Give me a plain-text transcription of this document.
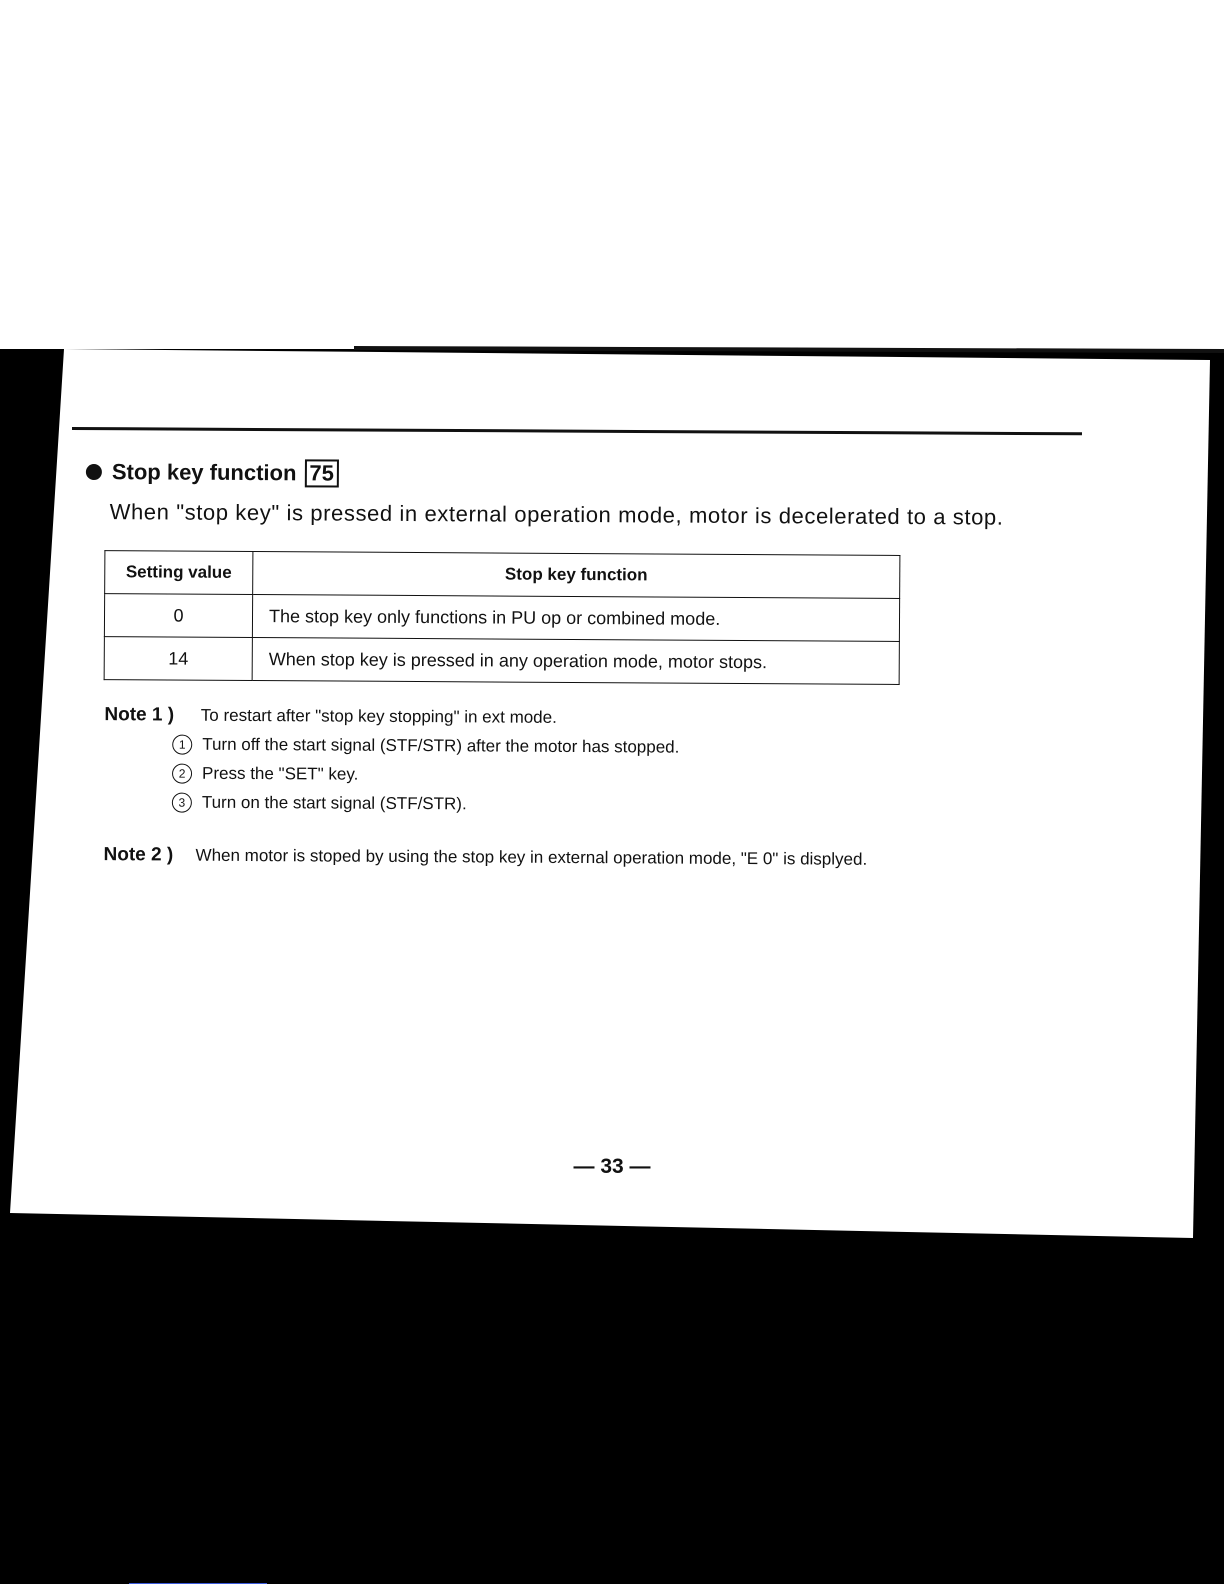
Stop key function 75
When "stop key" is pressed in external operation mode, motor is decelerated to a stop.
Setting value	Stop key function
0	The stop key only functions in PU op or combined mode.
14	When stop key is pressed in any operation mode, motor stops.
Note 1 ) To restart after "stop key stopping" in ext mode.
1 Turn off the start signal (STF/STR) after the motor has stopped.
2 Press the "SET" key.
3 Turn on the start signal (STF/STR).
Note 2 ) When motor is stoped by using the stop key in external operation mode, "E 0" is displyed.
— 33 —
